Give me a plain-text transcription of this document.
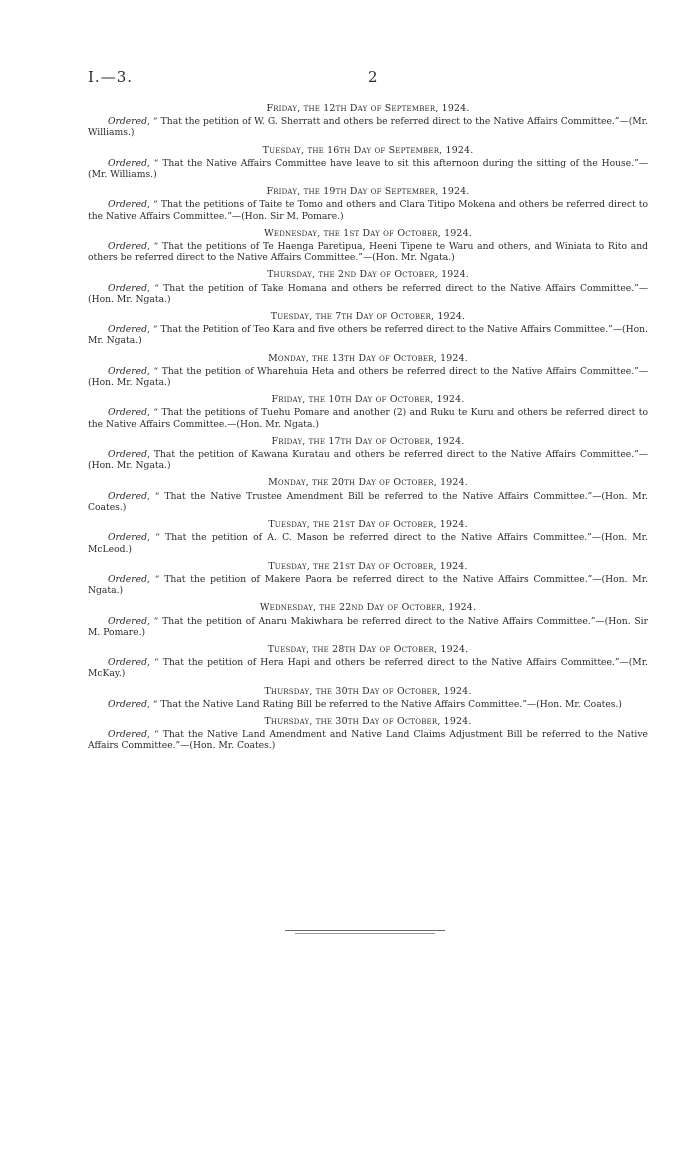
I.—3.	2
Friday, the 12th Day of September, 1924.
Ordered, “ That the petition of W. G. Sherratt and others be referred direct to the Native Affairs Committee.”—(Mr. Williams.)
Tuesday, the 16th Day of September, 1924.
Ordered, “ That the Native Affairs Committee have leave to sit this afternoon during the sitting of the House.”—(Mr. Williams.)
Friday, the 19th Day of September, 1924.
Ordered, “ That the petitions of Taite te Tomo and others and Clara Titipo Mokena and others be referred direct to the Native Affairs Committee.”—(Hon. Sir M. Pomare.)
Wednesday, the 1st Day of October, 1924.
Ordered, “ That the petitions of Te Haenga Paretipua, Heeni Tipene te Waru and others, and Winiata to Rito and others be referred direct to the Native Affairs Committee.”—(Hon. Mr. Ngata.)
Thursday, the 2nd Day of October, 1924.
Ordered, “ That the petition of Take Homana and others be referred direct to the Native Affairs Committee.”—(Hon. Mr. Ngata.)
Tuesday, the 7th Day of October, 1924.
Ordered, “ That the Petition of Teo Kara and five others be referred direct to the Native Affairs Committee.”—(Hon. Mr. Ngata.)
Monday, the 13th Day of October, 1924.
Ordered, “ That the petition of Wharehuia Heta and others be referred direct to the Native Affairs Committee.”—(Hon. Mr. Ngata.)
Friday, the 10th Day of October, 1924.
Ordered, “ That the petitions of Tuehu Pomare and another (2) and Ruku te Kuru and others be referred direct to the Native Affairs Committee.—(Hon. Mr. Ngata.)
Friday, the 17th Day of October, 1924.
Ordered, That the petition of Kawana Kuratau and others be referred direct to the Native Affairs Committee.”—(Hon. Mr. Ngata.)
Monday, the 20th Day of October, 1924.
Ordered, “ That the Native Trustee Amendment Bill be referred to the Native Affairs Committee.”—(Hon. Mr. Coates.)
Tuesday, the 21st Day of October, 1924.
Ordered, “ That the petition of A. C. Mason be referred direct to the Native Affairs Committee.”—(Hon. Mr. McLeod.)
Tuesday, the 21st Day of October, 1924.
Ordered, “ That the petition of Makere Paora be referred direct to the Native Affairs Committee.”—(Hon. Mr. Ngata.)
Wednesday, the 22nd Day of October, 1924.
Ordered, “ That the petition of Anaru Makiwhara be referred direct to the Native Affairs Committee.”—(Hon. Sir M. Pomare.)
Tuesday, the 28th Day of October, 1924.
Ordered, “ That the petition of Hera Hapi and others be referred direct to the Native Affairs Committee.”—(Mr. McKay.)
Thursday, the 30th Day of October, 1924.
Ordered, “ That the Native Land Rating Bill be referred to the Native Affairs Committee.”—(Hon. Mr. Coates.)
Thursday, the 30th Day of October, 1924.
Ordered, “ That the Native Land Amendment and Native Land Claims Adjustment Bill be referred to the Native Affairs Committee.”—(Hon. Mr. Coates.)
